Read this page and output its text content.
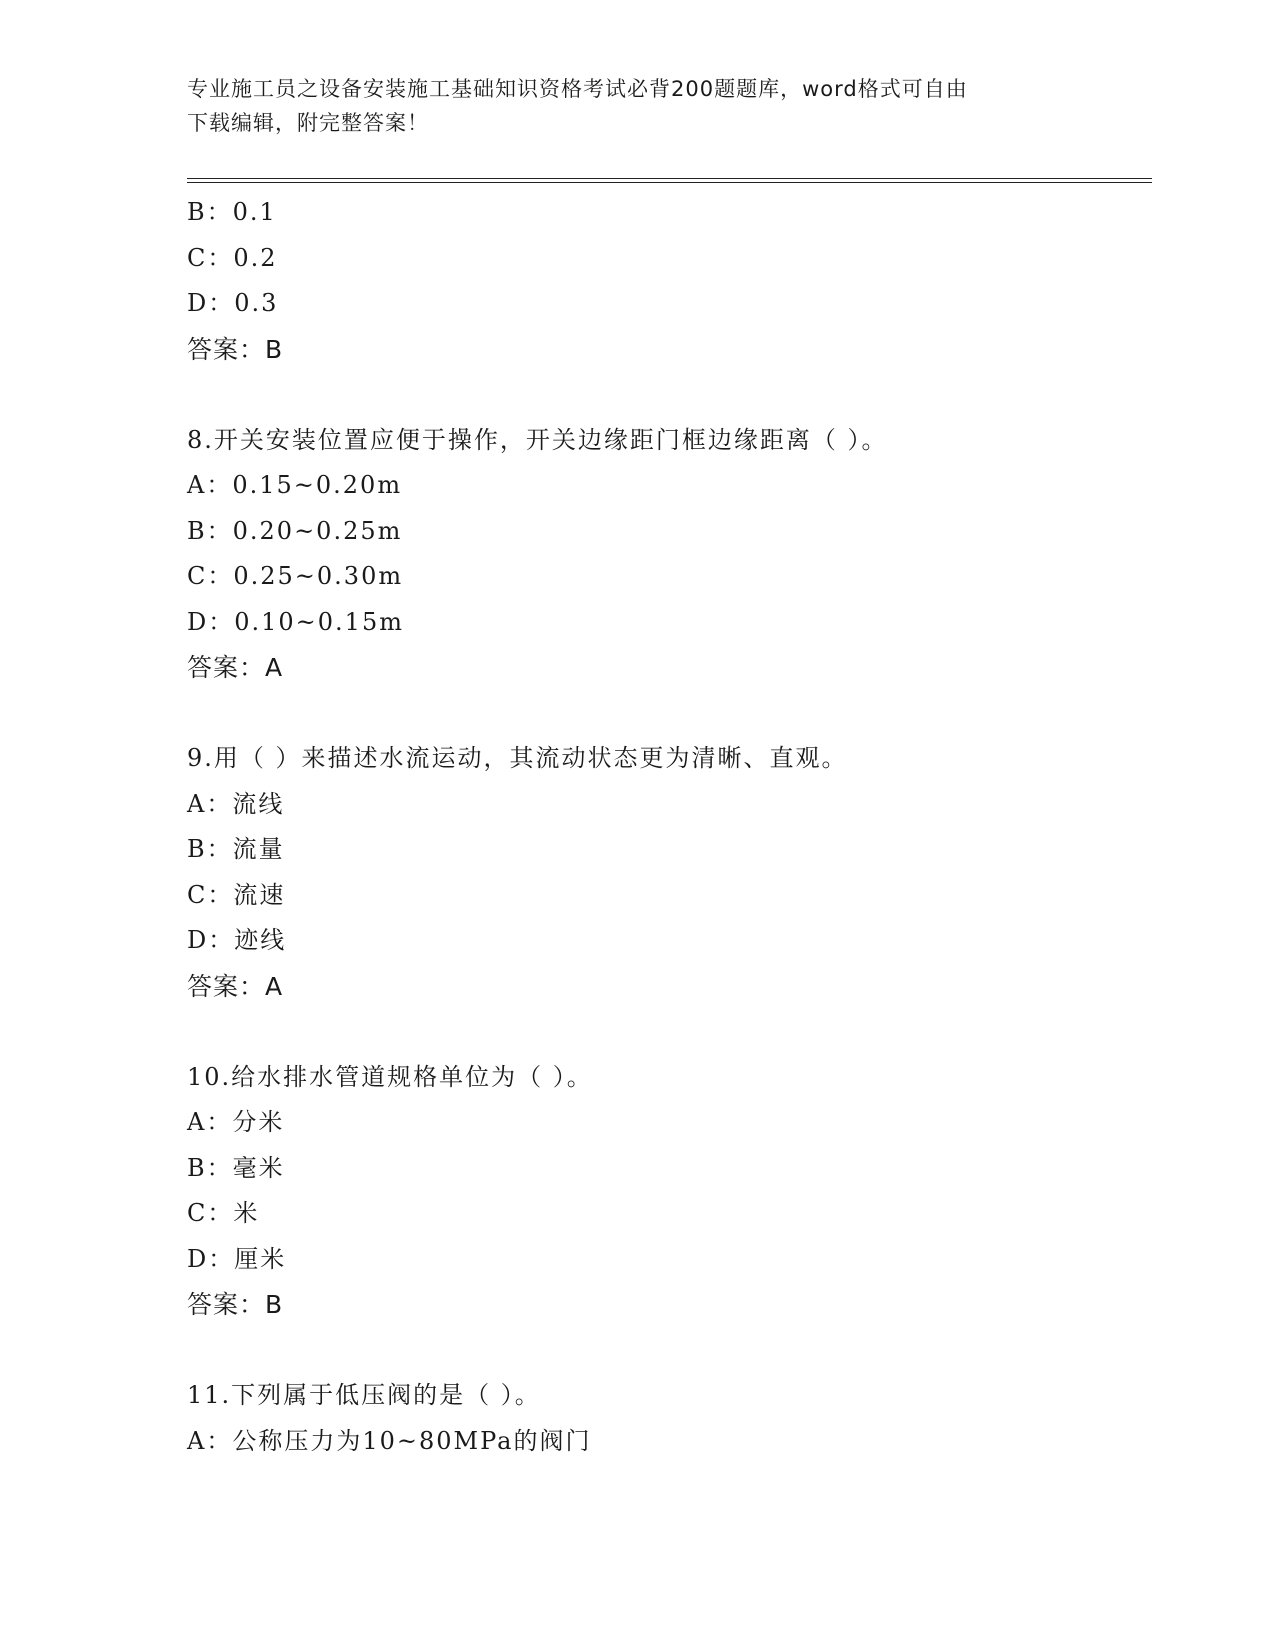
专业施工员之设备安装施工基础知识资格考试必背200题题库，word格式可自由
下载编辑，附完整答案！
B：0.1
C：0.2
D：0.3
答案：B
8.开关安装位置应便于操作，开关边缘距门框边缘距离（ ）。
A：0.15~0.20m
B：0.20~0.25m
C：0.25~0.30m
D：0.10~0.15m
答案：A
9.用（ ）来描述水流运动，其流动状态更为清晰、直观。
A：流线
B：流量
C：流速
D：迹线
答案：A
10.给水排水管道规格单位为（ ）。
A：分米
B：毫米
C：米
D：厘米
答案：B
11.下列属于低压阀的是（ ）。
A：公称压力为10~80MPa的阀门
